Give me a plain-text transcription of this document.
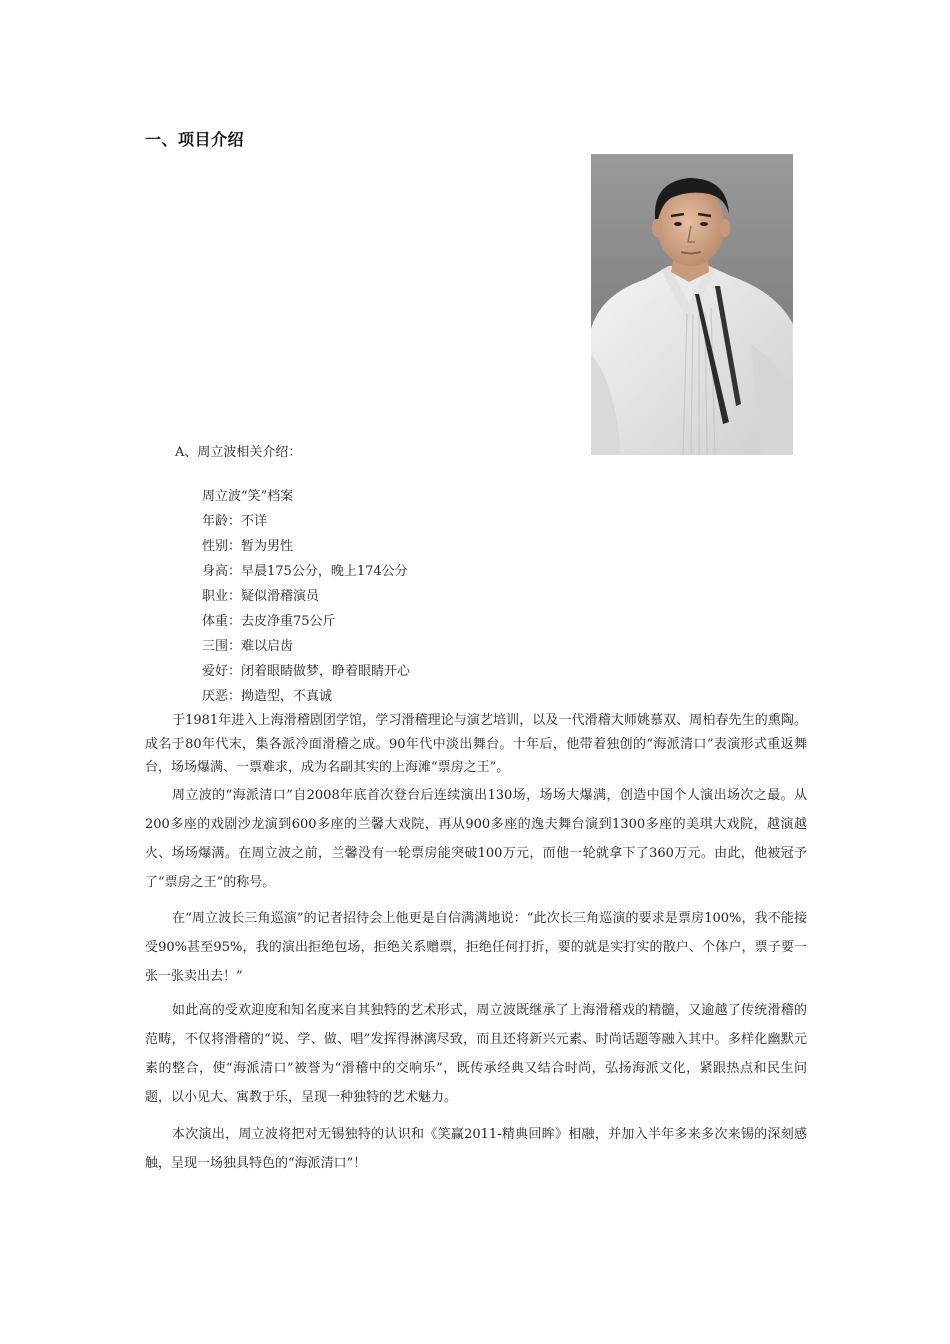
一、项目介绍
A、周立波相关介绍：
周立波“笑”档案
年龄：不详
性别：暂为男性
身高：早晨175公分，晚上174公分
职业：疑似滑稽演员
体重：去皮净重75公斤
三围：难以启齿
爱好：闭着眼睛做梦，睁着眼睛开心
厌恶：拗造型，不真诚

于1981年进入上海滑稽剧团学馆，学习滑稽理论与演艺培训，以及一代滑稽大师姚慕双、周柏春先生的熏陶。成名于80年代末，集各派冷面滑稽之成。90年代中淡出舞台。十年后，他带着独创的“海派清口”表演形式重返舞台，场场爆满、一票难求，成为名副其实的上海滩“票房之王”。

周立波的“海派清口”自2008年底首次登台后连续演出130场，场场大爆满，创造中国个人演出场次之最。从200多座的戏剧沙龙演到600多座的兰馨大戏院，再从900多座的逸夫舞台演到1300多座的美琪大戏院，越演越火、场场爆满。在周立波之前，兰馨没有一轮票房能突破100万元，而他一轮就拿下了360万元。由此，他被冠予了“票房之王”的称号。

在“周立波长三角巡演”的记者招待会上他更是自信满满地说：“此次长三角巡演的要求是票房100%，我不能接受90%甚至95%，我的演出拒绝包场，拒绝关系赠票，拒绝任何打折，要的就是实打实的散户、个体户，票子要一张一张卖出去！”

如此高的受欢迎度和知名度来自其独特的艺术形式，周立波既继承了上海滑稽戏的精髓，又逾越了传统滑稽的范畴，不仅将滑稽的“说、学、做、唱”发挥得淋漓尽致，而且还将新兴元素、时尚话题等融入其中。多样化幽默元素的整合，使“海派清口”被誉为“滑稽中的交响乐”，既传承经典又结合时尚，弘扬海派文化，紧跟热点和民生问题，以小见大、寓教于乐，呈现一种独特的艺术魅力。

本次演出，周立波将把对无锡独特的认识和《笑赢2011-精典回眸》相融，并加入半年多来多次来锡的深刻感触，呈现一场独具特色的“海派清口”！
